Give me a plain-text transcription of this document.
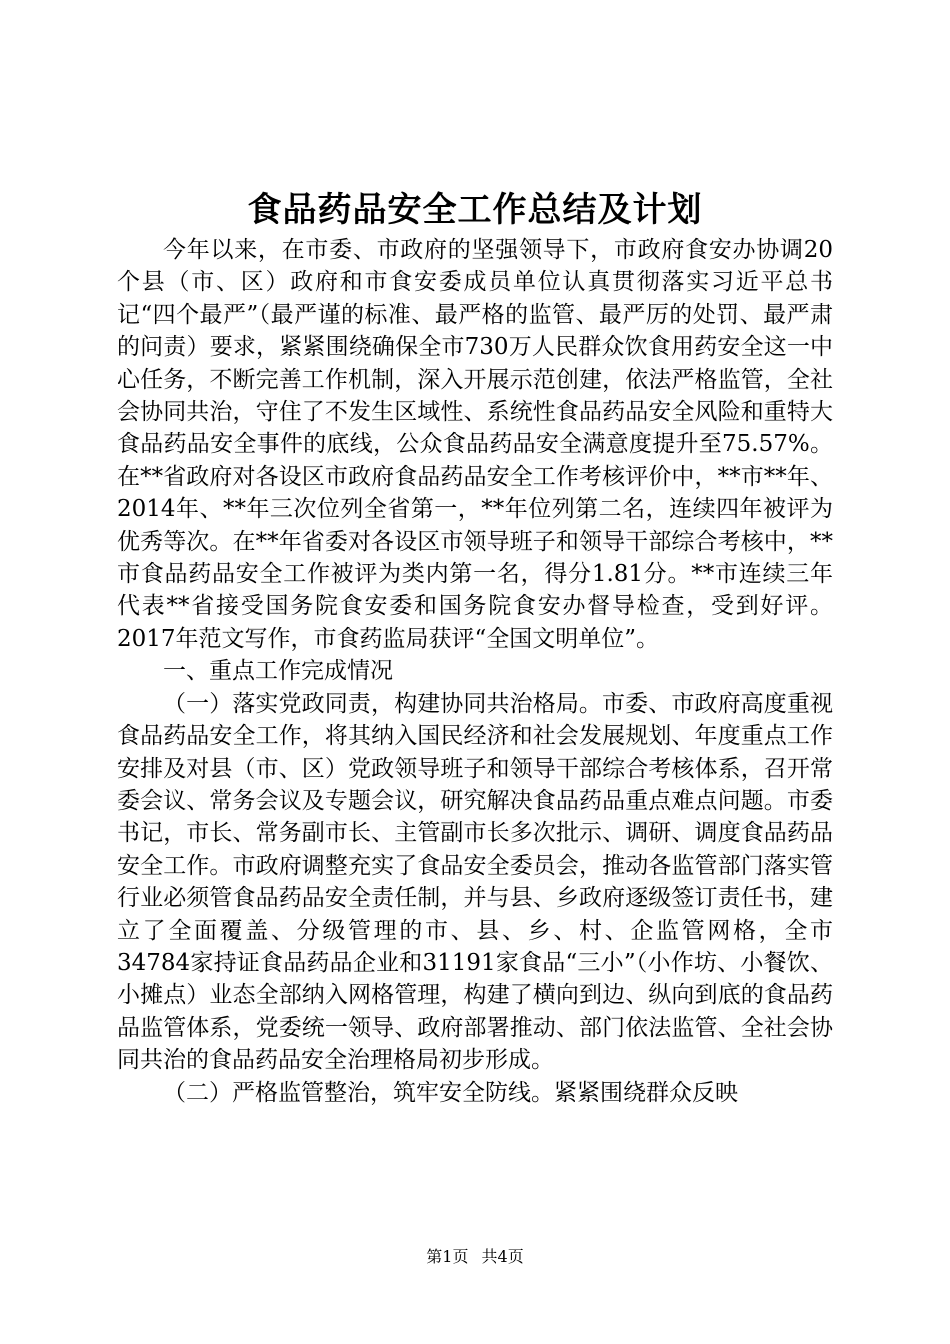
食品药品安全工作总结及计划

今年以来，在市委、市政府的坚强领导下，市政府食安办协调20个县（市、区）政府和市食安委成员单位认真贯彻落实习近平总书记“四个最严”（最严谨的标准、最严格的监管、最严厉的处罚、最严肃的问责）要求，紧紧围绕确保全市730万人民群众饮食用药安全这一中心任务，不断完善工作机制，深入开展示范创建，依法严格监管，全社会协同共治，守住了不发生区域性、系统性食品药品安全风险和重特大食品药品安全事件的底线，公众食品药品安全满意度提升至75.57%。在**省政府对各设区市政府食品药品安全工作考核评价中，**市**年、2014年、**年三次位列全省第一，**年位列第二名，连续四年被评为优秀等次。在**年省委对各设区市领导班子和领导干部综合考核中，**市食品药品安全工作被评为类内第一名，得分1.81分。**市连续三年代表**省接受国务院食安委和国务院食安办督导检查，受到好评。2017年范文写作，市食药监局获评“全国文明单位”。

一、重点工作完成情况

（一）落实党政同责，构建协同共治格局。市委、市政府高度重视食品药品安全工作，将其纳入国民经济和社会发展规划、年度重点工作安排及对县（市、区）党政领导班子和领导干部综合考核体系，召开常委会议、常务会议及专题会议，研究解决食品药品重点难点问题。市委书记，市长、常务副市长、主管副市长多次批示、调研、调度食品药品安全工作。市政府调整充实了食品安全委员会，推动各监管部门落实管行业必须管食品药品安全责任制，并与县、乡政府逐级签订责任书，建立了全面覆盖、分级管理的市、县、乡、村、企监管网格，全市34784家持证食品药品企业和31191家食品“三小”（小作坊、小餐饮、小摊点）业态全部纳入网格管理，构建了横向到边、纵向到底的食品药品监管体系，党委统一领导、政府部署推动、部门依法监管、全社会协同共治的食品药品安全治理格局初步形成。

（二）严格监管整治，筑牢安全防线。紧紧围绕群众反映

第1页 共4页
